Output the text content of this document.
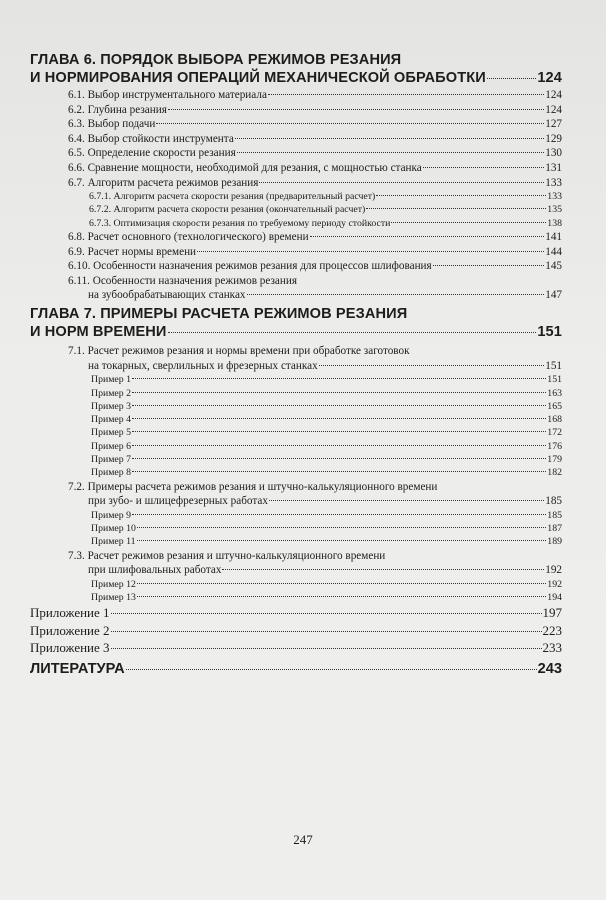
ГЛАВА 6. ПОРЯДОК ВЫБОРА РЕЖИМОВ РЕЗАНИЯ
И НОРМИРОВАНИЯ ОПЕРАЦИЙ МЕХАНИЧЕСКОЙ ОБРАБОТКИ	124
6.1. Выбор инструментального материала	124
6.2. Глубина резания	124
6.3. Выбор подачи	127
6.4. Выбор стойкости инструмента	129
6.5. Определение скорости резания	130
6.6. Сравнение мощности, необходимой для резания, с мощностью станка	131
6.7. Алгоритм расчета режимов резания	133
6.7.1. Алгоритм расчета скорости резания (предварительный расчет)	133
6.7.2. Алгоритм расчета скорости резания (окончательный расчет)	135
6.7.3. Оптимизация скорости резания по требуемому периоду стойкости	138
6.8. Расчет основного (технологического) времени	141
6.9. Расчет нормы времени	144
6.10. Особенности назначения режимов резания для процессов шлифования	145
6.11. Особенности назначения режимов резания
на зубообрабатывающих станках	147
ГЛАВА 7. ПРИМЕРЫ РАСЧЕТА РЕЖИМОВ РЕЗАНИЯ
И НОРМ ВРЕМЕНИ	151
7.1. Расчет режимов резания и нормы времени при обработке заготовок
на токарных, сверлильных и фрезерных станках	151
Пример 1	151
Пример 2	163
Пример 3	165
Пример 4	168
Пример 5	172
Пример 6	176
Пример 7	179
Пример 8	182
7.2. Примеры расчета режимов резания и штучно-калькуляционного времени
при зубо- и шлицефрезерных работах	185
Пример 9	185
Пример 10	187
Пример 11	189
7.3. Расчет режимов резания и штучно-калькуляционного времени
при шлифовальных работах	192
Пример 12	192
Пример 13	194
Приложение 1	197
Приложение 2	223
Приложение 3	233
ЛИТЕРАТУРА	243
247
